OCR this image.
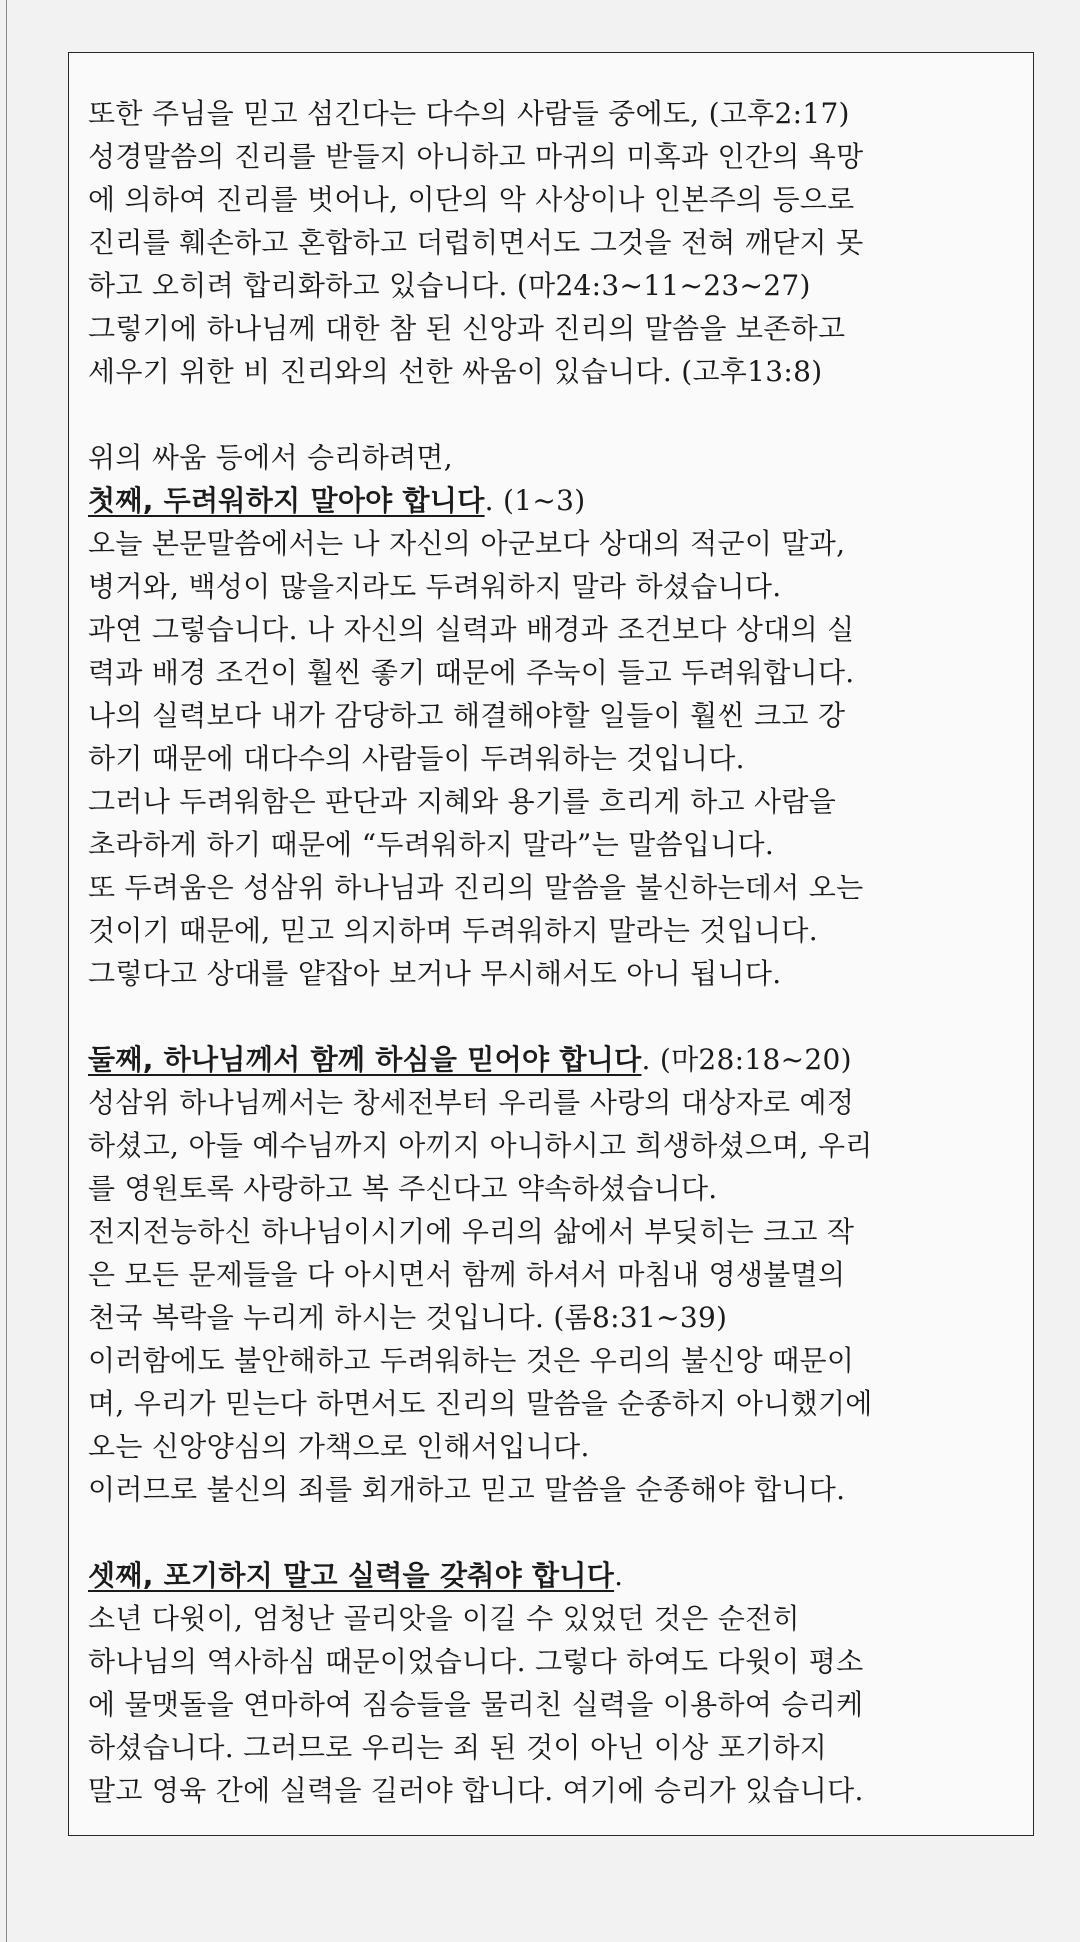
또한 주님을 믿고 섬긴다는 다수의 사람들 중에도, (고후2:17)
성경말씀의 진리를 받들지 아니하고 마귀의 미혹과 인간의 욕망
에 의하여 진리를 벗어나, 이단의 악 사상이나 인본주의 등으로
진리를 훼손하고 혼합하고 더럽히면서도 그것을 전혀 깨닫지 못
하고 오히려 합리화하고 있습니다. (마24:3~11~23~27)
그렇기에 하나님께 대한 참 된 신앙과 진리의 말씀을 보존하고
세우기 위한 비 진리와의 선한 싸움이 있습니다. (고후13:8)
위의 싸움 등에서 승리하려면,
첫째, 두려워하지 말아야 합니다. (1~3)
오늘 본문말씀에서는 나 자신의 아군보다 상대의 적군이 말과,
병거와, 백성이 많을지라도 두려워하지 말라 하셨습니다.
과연 그렇습니다. 나 자신의 실력과 배경과 조건보다 상대의 실
력과 배경 조건이 훨씬 좋기 때문에 주눅이 들고 두려워합니다.
나의 실력보다 내가 감당하고 해결해야할 일들이 훨씬 크고 강
하기 때문에 대다수의 사람들이 두려워하는 것입니다.
그러나 두려워함은 판단과 지혜와 용기를 흐리게 하고 사람을
초라하게 하기 때문에 “두려워하지 말라”는 말씀입니다.
또 두려움은 성삼위 하나님과 진리의 말씀을 불신하는데서 오는
것이기 때문에, 믿고 의지하며 두려워하지 말라는 것입니다.
그렇다고 상대를 얕잡아 보거나 무시해서도 아니 됩니다.
둘째, 하나님께서 함께 하심을 믿어야 합니다. (마28:18~20)
성삼위 하나님께서는 창세전부터 우리를 사랑의 대상자로 예정
하셨고, 아들 예수님까지 아끼지 아니하시고 희생하셨으며, 우리
를 영원토록 사랑하고 복 주신다고 약속하셨습니다.
전지전능하신 하나님이시기에 우리의 삶에서 부딪히는 크고 작
은 모든 문제들을 다 아시면서 함께 하셔서 마침내 영생불멸의
천국 복락을 누리게 하시는 것입니다. (롬8:31~39)
이러함에도 불안해하고 두려워하는 것은 우리의 불신앙 때문이
며, 우리가 믿는다 하면서도 진리의 말씀을 순종하지 아니했기에
오는 신앙양심의 가책으로 인해서입니다.
이러므로 불신의 죄를 회개하고 믿고 말씀을 순종해야 합니다.
셋째, 포기하지 말고 실력을 갖춰야 합니다.
소년 다윗이, 엄청난 골리앗을 이길 수 있었던 것은 순전히
하나님의 역사하심 때문이었습니다. 그렇다 하여도 다윗이 평소
에 물맷돌을 연마하여 짐승들을 물리친 실력을 이용하여 승리케
하셨습니다. 그러므로 우리는 죄 된 것이 아닌 이상 포기하지
말고 영육 간에 실력을 길러야 합니다. 여기에 승리가 있습니다.
